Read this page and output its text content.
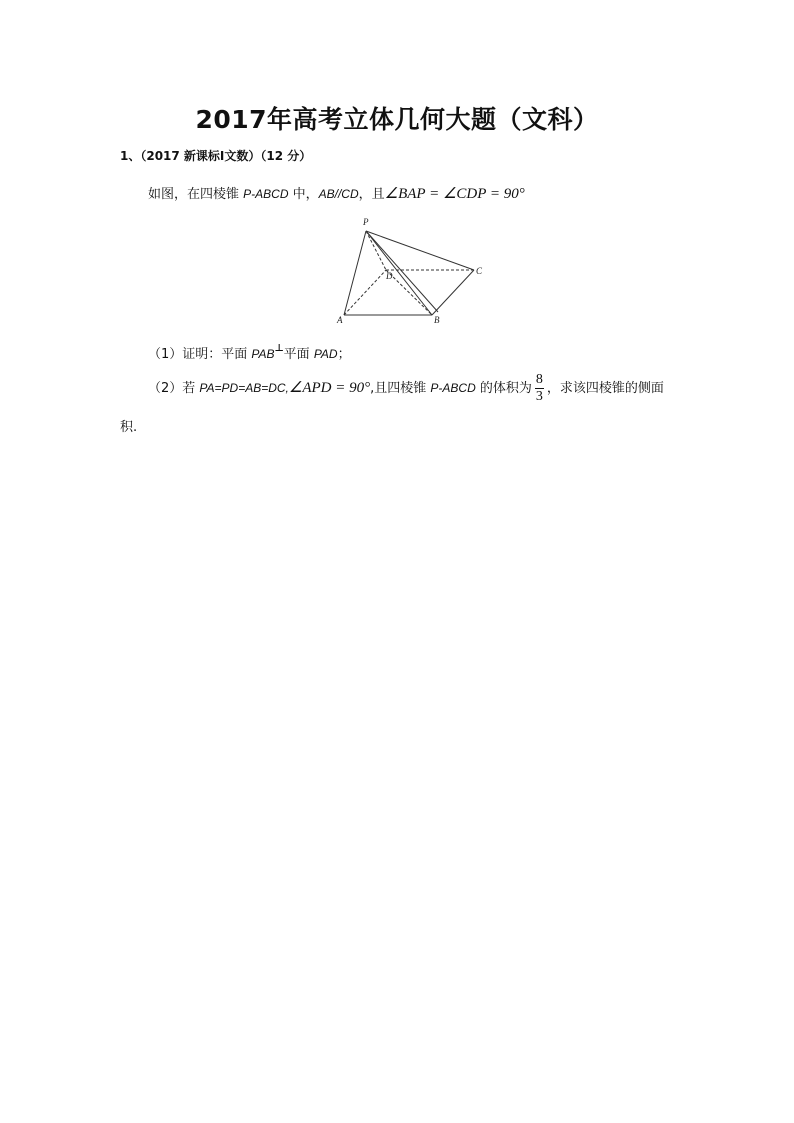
2017年高考立体几何大题（文科）
1、（2017 新课标Ⅰ文数）（12 分）
如图，在四棱锥 P-ABCD 中，AB//CD，且∠BAP = ∠CDP = 90°
P
D	C
A	B
（1）证明：平面 PAB⊥平面 PAD；
（2）若 PA=PD=AB=DC,∠APD = 90°,且四棱锥 P-ABCD 的体积为 $\frac{8}{3}$ ，求该四棱锥的侧面
积.
